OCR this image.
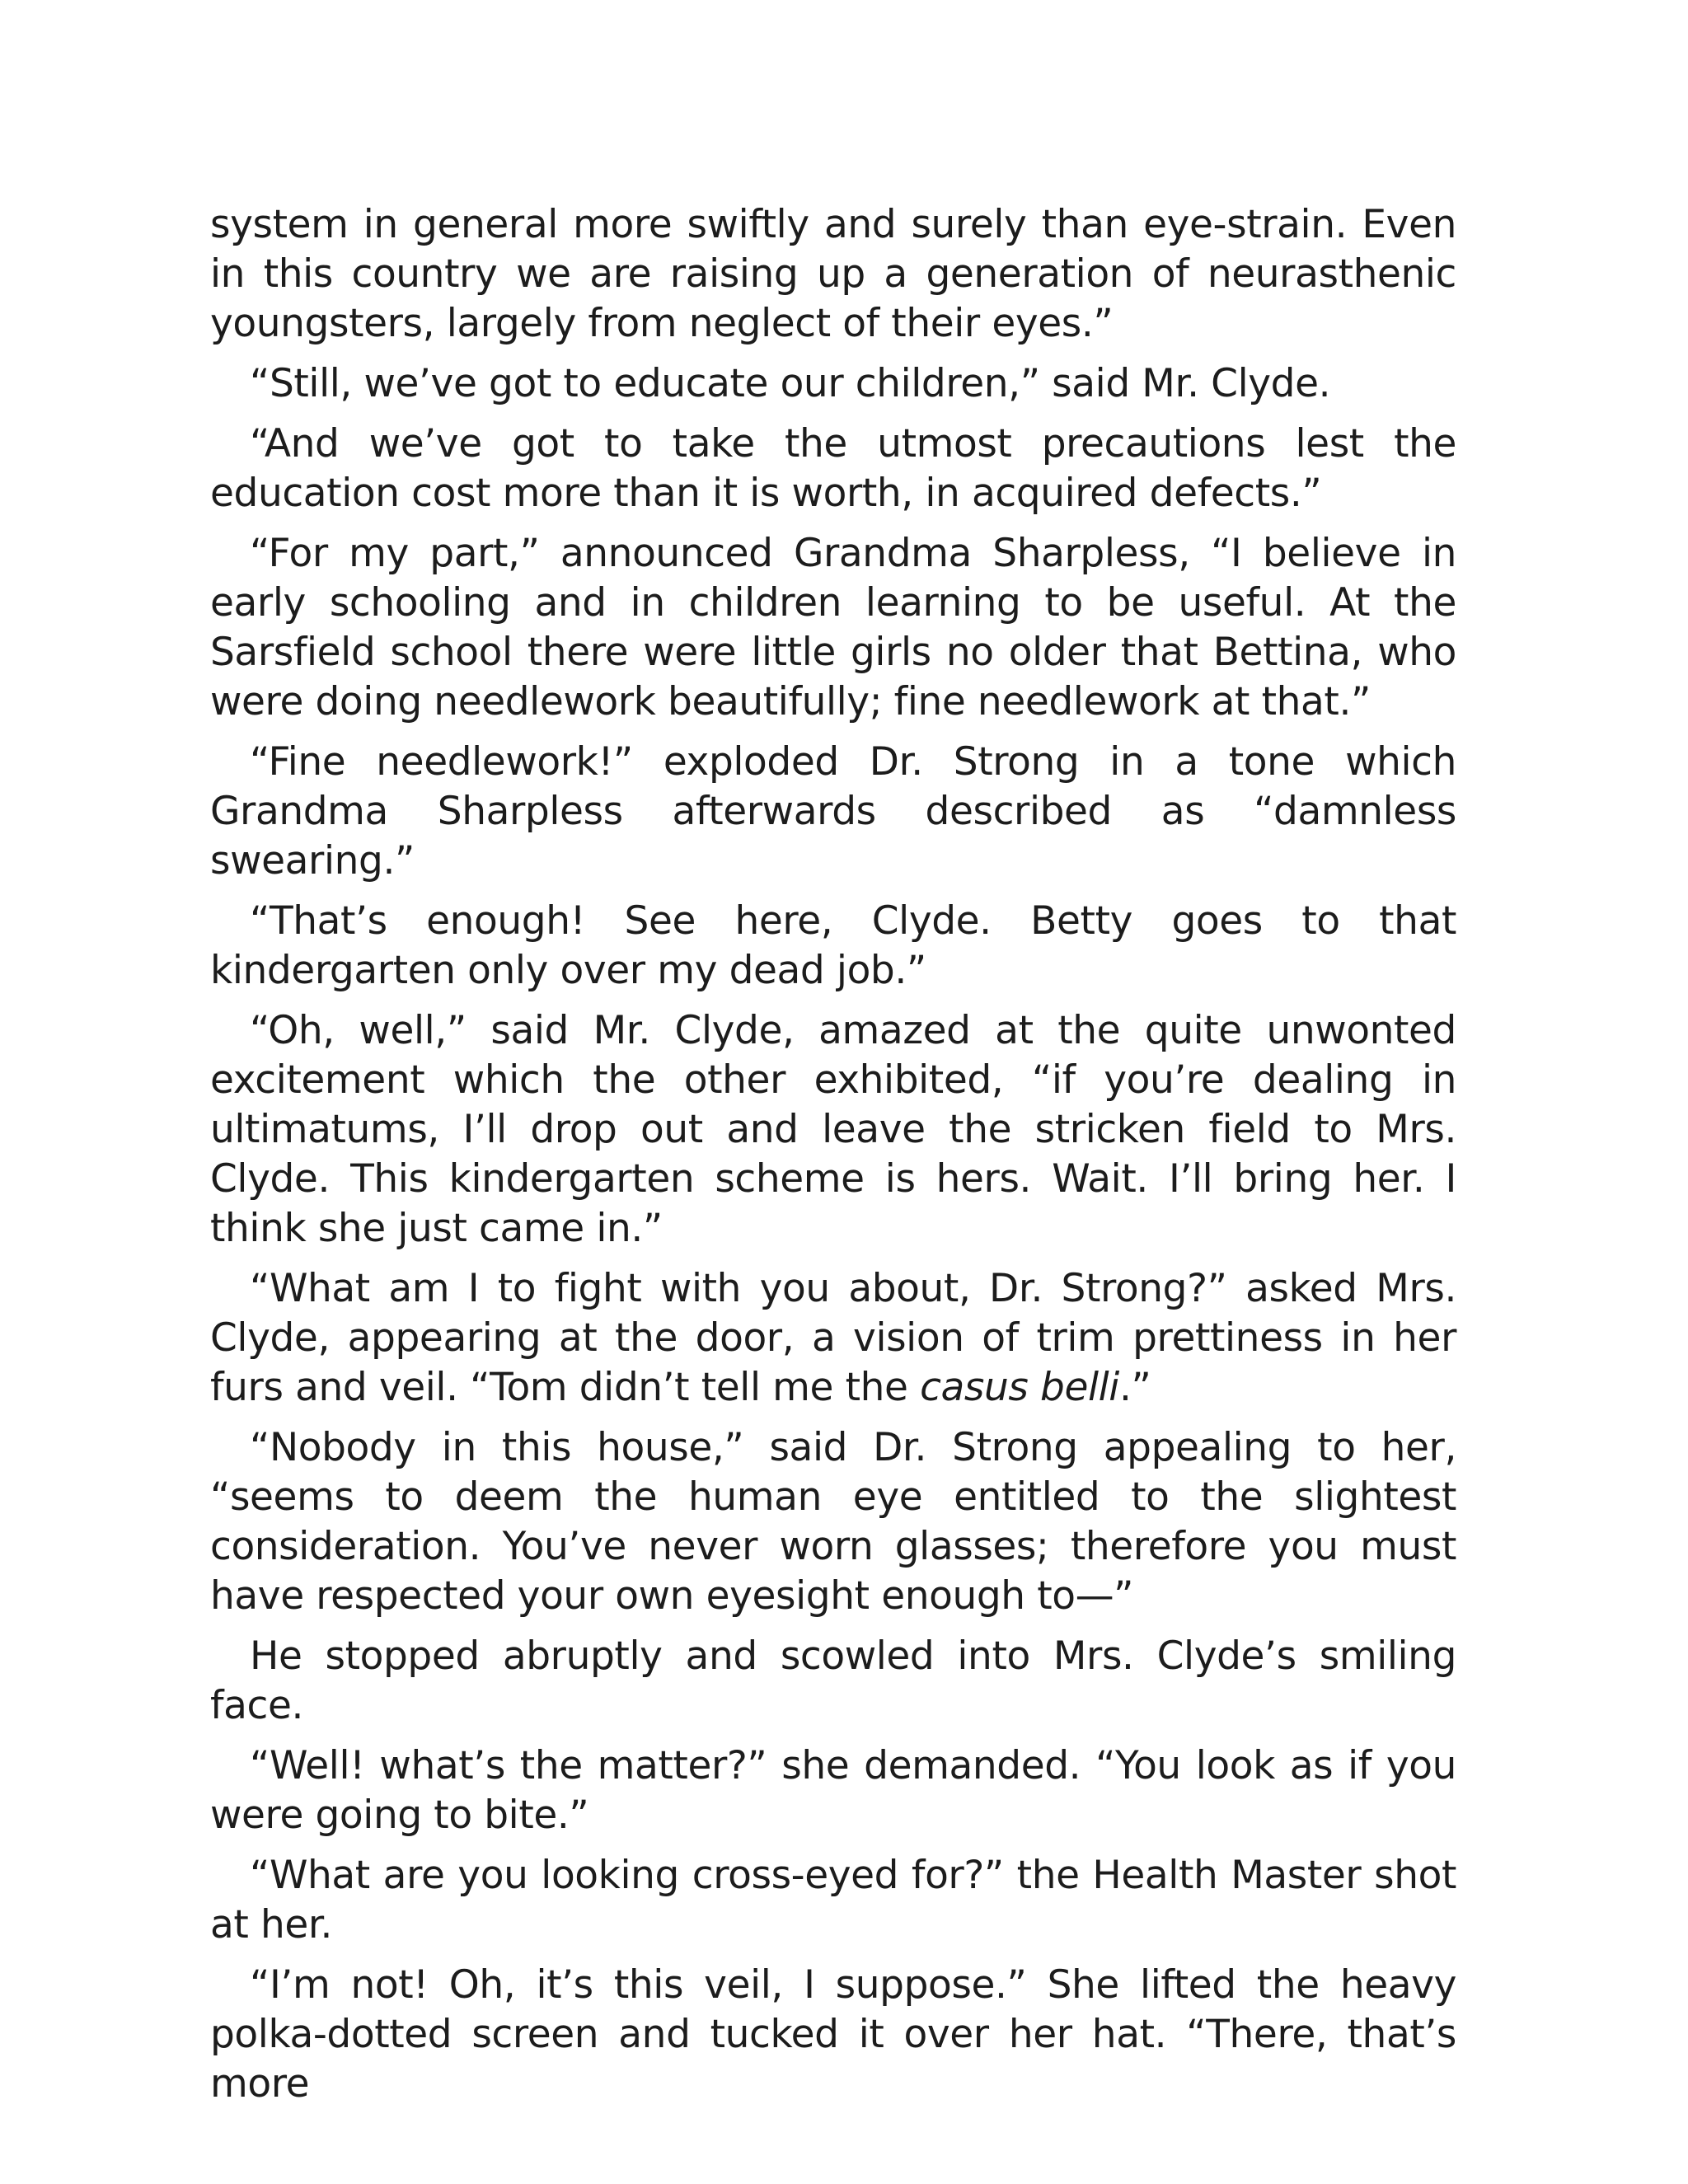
system in general more swiftly and surely than eye-strain. Even in this country we are raising up a generation of neurasthenic youngsters, largely from neglect of their eyes.”

“Still, we’ve got to educate our children,” said Mr. Clyde.

“And we’ve got to take the utmost precautions lest the education cost more than it is worth, in acquired defects.”

“For my part,” announced Grandma Sharpless, “I believe in early schooling and in children learning to be useful. At the Sarsfield school there were little girls no older that Bettina, who were doing needlework beautifully; fine needlework at that.”

“Fine needlework!” exploded Dr. Strong in a tone which Grandma Sharpless afterwards described as “damnless swearing.”

“That’s enough! See here, Clyde. Betty goes to that kindergarten only over my dead job.”

“Oh, well,” said Mr. Clyde, amazed at the quite unwonted excitement which the other exhibited, “if you’re dealing in ultimatums, I’ll drop out and leave the stricken field to Mrs. Clyde. This kindergarten scheme is hers. Wait. I’ll bring her. I think she just came in.”

“What am I to fight with you about, Dr. Strong?” asked Mrs. Clyde, appearing at the door, a vision of trim prettiness in her furs and veil. “Tom didn’t tell me the casus belli.”

“Nobody in this house,” said Dr. Strong appealing to her, “seems to deem the human eye entitled to the slightest consideration. You’ve never worn glasses; therefore you must have respected your own eyesight enough to—”

He stopped abruptly and scowled into Mrs. Clyde’s smiling face.

“Well! what’s the matter?” she demanded. “You look as if you were going to bite.”

“What are you looking cross-eyed for?” the Health Master shot at her.

“I’m not! Oh, it’s this veil, I suppose.” She lifted the heavy polka-dotted screen and tucked it over her hat. “There, that’s more
